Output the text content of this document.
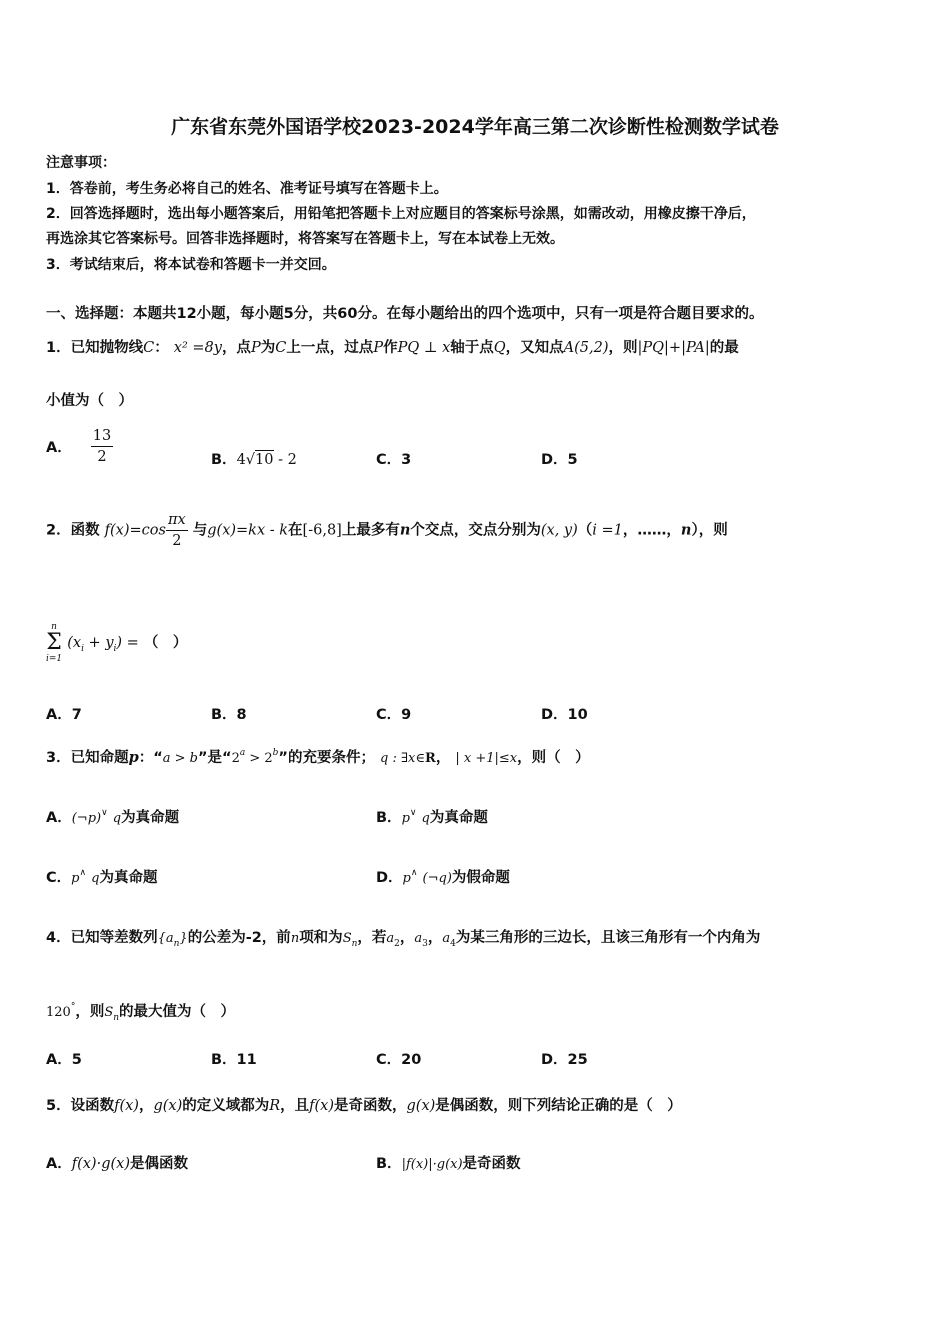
广东省东莞外国语学校2023-2024学年高三第二次诊断性检测数学试卷
注意事项：
1．答卷前，考生务必将自己的姓名、准考证号填写在答题卡上。
2．回答选择题时，选出每小题答案后，用铅笔把答题卡上对应题目的答案标号涂黑，如需改动，用橡皮擦干净后，
再选涂其它答案标号。回答非选择题时，将答案写在答题卡上，写在本试卷上无效。
3．考试结束后，将本试卷和答题卡一并交回。
一、选择题：本题共12小题，每小题5分，共60分。在每小题给出的四个选项中，只有一项是符合题目要求的。
1．已知抛物线C： x² =8y，点P为C上一点，过点P作PQ ⊥ x轴于点Q，又知点A(5,2)，则|PQ|+|PA|的最
小值为（　）
A． $\frac{13}{2}$	B．4√10 - 2	C．3	D．5
2．函数 $f(x)=\cos \frac{\pi x}{2}$ 与g(x)=kx - k在[-6,8]上最多有n个交点，交点分别为(x, y)（i =1，……，n），则
n
Σ
i=1
$(x_i + y_i)$ = （　）
A．7	B．8	C．9	D．10
3．已知命题p：“a > b”是“$2^a > 2^b$”的充要条件； q : ∃x∈R， | x +1|≤x，则（　）
A．(¬p)∨ q为真命题	B．p∨ q为真命题
C．p∧ q为真命题	D．p∧ (¬q)为假命题
4．已知等差数列$\{a_n\}$的公差为-2，前n项和为$S_n$，若$a_2$，$a_3$，$a_4$为某三角形的三边长，且该三角形有一个内角为
120°，则$S_n$的最大值为（　）
A．5	B．11	C．20	D．25
5．设函数f(x)，g(x)的定义域都为R，且f(x)是奇函数，g(x)是偶函数，则下列结论正确的是（　）
A．f(x)·g(x)是偶函数	B．|f(x)|·g(x)是奇函数
